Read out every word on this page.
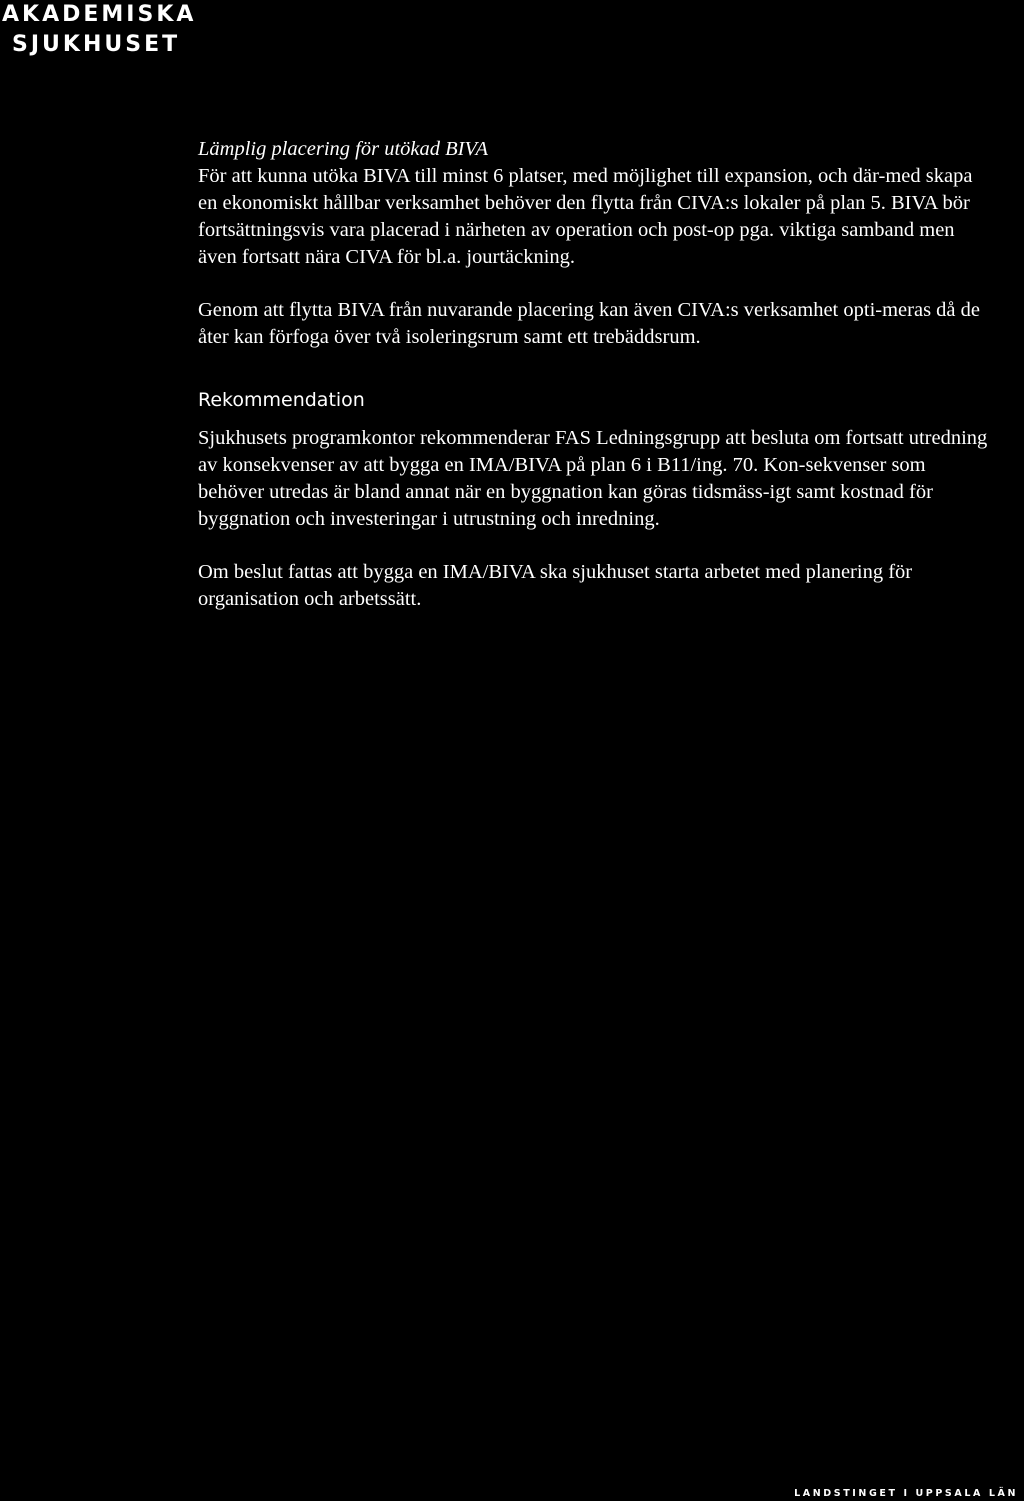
AKADEMISKA
SJUKHUSET

Lämplig placering för utökad BIVA

För att kunna utöka BIVA till minst 6 platser, med möjlighet till expansion, och där-med skapa en ekonomiskt hållbar verksamhet behöver den flytta från CIVA:s lokaler på plan 5. BIVA bör fortsättningsvis vara placerad i närheten av operation och post-op pga. viktiga samband men även fortsatt nära CIVA för bl.a. jourtäckning.

Genom att flytta BIVA från nuvarande placering kan även CIVA:s verksamhet opti-meras då de åter kan förfoga över två isoleringsrum samt ett trebäddsrum.

Rekommendation

Sjukhusets programkontor rekommenderar FAS Ledningsgrupp att besluta om fortsatt utredning av konsekvenser av att bygga en IMA/BIVA på plan 6 i B11/ing. 70. Kon-sekvenser som behöver utredas är bland annat när en byggnation kan göras tidsmäss-igt samt kostnad för byggnation och investeringar i utrustning och inredning.

Om beslut fattas att bygga en IMA/BIVA ska sjukhuset starta arbetet med planering för organisation och arbetssätt.

LANDSTINGET I UPPSALA LÄN
